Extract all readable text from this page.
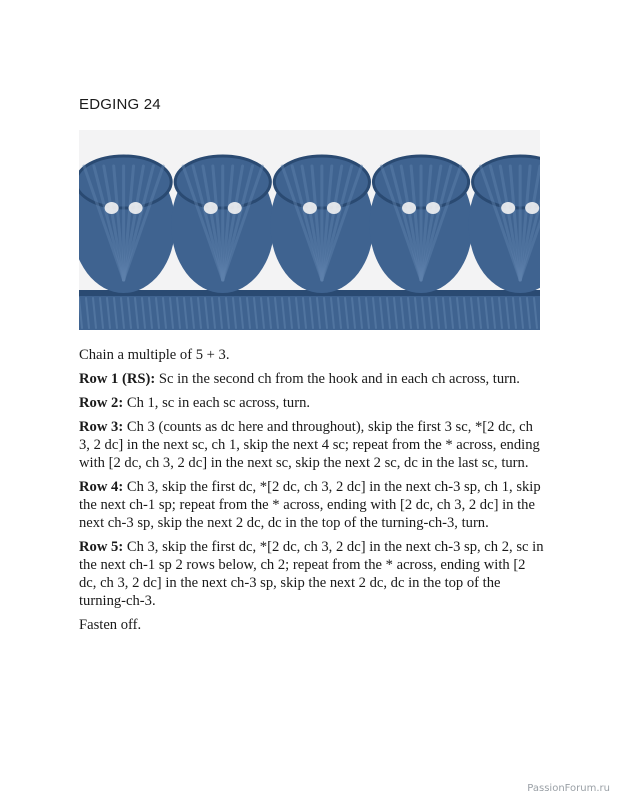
EDGING 24

Chain a multiple of 5 + 3.

Row 1 (RS): Sc in the second ch from the hook and in each ch across, turn.

Row 2: Ch 1, sc in each sc across, turn.

Row 3: Ch 3 (counts as dc here and throughout), skip the first 3 sc, *[2 dc, ch 3, 2 dc] in the next sc, ch 1, skip the next 4 sc; repeat from the * across, ending with [2 dc, ch 3, 2 dc] in the next sc, skip the next 2 sc, dc in the last sc, turn.

Row 4: Ch 3, skip the first dc, *[2 dc, ch 3, 2 dc] in the next ch-3 sp, ch 1, skip the next ch-1 sp; repeat from the * across, ending with [2 dc, ch 3, 2 dc] in the next ch-3 sp, skip the next 2 dc, dc in the top of the turning-ch-3, turn.

Row 5: Ch 3, skip the first dc, *[2 dc, ch 3, 2 dc] in the next ch-3 sp, ch 2, sc in the next ch-1 sp 2 rows below, ch 2; repeat from the * across, ending with [2 dc, ch 3, 2 dc] in the next ch-3 sp, skip the next 2 dc, dc in the top of the turning-ch-3.

Fasten off.

PassionForum.ru
